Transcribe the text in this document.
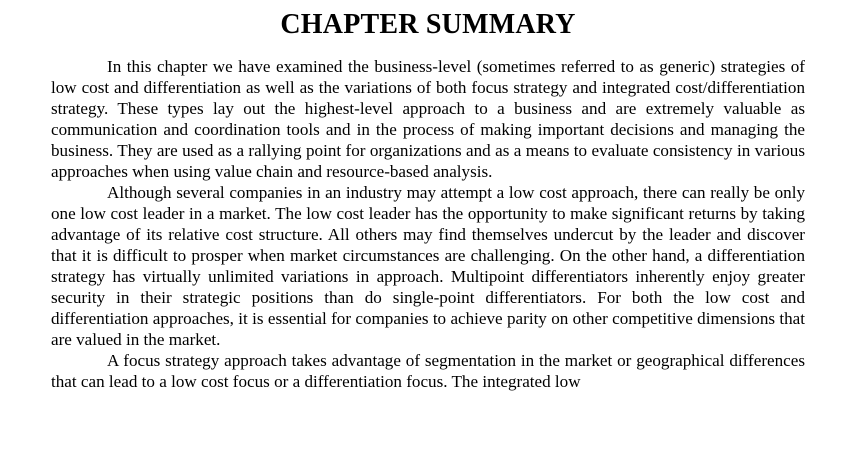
CHAPTER SUMMARY

In this chapter we have examined the business-level (sometimes referred to as generic) strategies of low cost and differentiation as well as the variations of both focus strategy and integrated cost/differentiation strategy. These types lay out the highest-level approach to a business and are extremely valuable as communication and coordination tools and in the process of making important decisions and managing the business. They are used as a rallying point for organizations and as a means to evaluate consistency in various approaches when using value chain and resource-based analysis.

Although several companies in an industry may attempt a low cost approach, there can really be only one low cost leader in a market. The low cost leader has the opportunity to make significant returns by taking advantage of its relative cost structure. All others may find themselves undercut by the leader and discover that it is difficult to prosper when market circumstances are challenging. On the other hand, a differentiation strategy has virtually unlimited variations in approach. Multipoint differentiators inherently enjoy greater security in their strategic positions than do single-point differentiators. For both the low cost and differentiation approaches, it is essential for companies to achieve parity on other competitive dimensions that are valued in the market.

A focus strategy approach takes advantage of segmentation in the market or geographical differences that can lead to a low cost focus or a differentiation focus. The integrated low
